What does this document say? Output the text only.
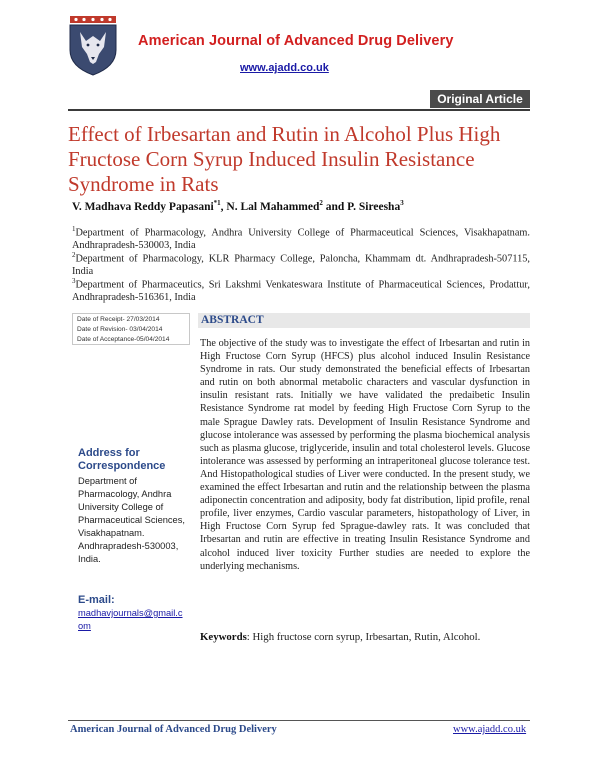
American Journal of Advanced Drug Delivery
www.ajadd.co.uk
Original Article
Effect of Irbesartan and Rutin in Alcohol Plus High Fructose Corn Syrup Induced Insulin Resistance Syndrome in Rats
V. Madhava Reddy Papasani$^{*1}$, N. Lal Mahammed$^2$ and P. Sireesha$^3$
$^1$Department of Pharmacology, Andhra University College of Pharmaceutical Sciences, Visakhapatnam. Andhrapradesh-530003, India
$^2$Department of Pharmacology, KLR Pharmacy College, Paloncha, Khammam dt. Andhrapradesh-507115, India
$^3$Department of Pharmaceutics, Sri Lakshmi Venkateswara Institute of Pharmaceutical Sciences, Prodattur, Andhrapradesh-516361, India
Date of Receipt- 27/03/2014
Date of Revision- 03/04/2014
Date of Acceptance-05/04/2014
Address for Correspondence
Department of Pharmacology, Andhra University College of Pharmaceutical Sciences, Visakhapatnam. Andhrapradesh-530003, India.
E-mail:
madhavjournals@gmail.com
ABSTRACT
The objective of the study was to investigate the effect of Irbesartan and rutin in High Fructose Corn Syrup (HFCS) plus alcohol induced Insulin Resistance Syndrome in rats. Our study demonstrated the beneficial effects of Irbesartan and rutin on both abnormal metabolic characters and vascular dysfunction in insulin resistant rats. Initially we have validated the predaibetic Insulin Resistance Syndrome rat model by feeding High Fructose Corn Syrup to the male Sprague Dawley rats. Development of Insulin Resistance Syndrome and glucose intolerance was assessed by performing the plasma biochemical analysis such as plasma glucose, triglyceride, insulin and total cholesterol levels. Glucose intolerance was assessed by performing an intraperitoneal glucose tolerance test. And Histopathological studies of Liver were conducted. In the present study, we examined the effect Irbesartan and rutin and the relationship between the plasma adiponectin concentration and adiposity, body fat distribution, lipid profile, renal profile, liver enzymes, Cardio vascular parameters, histopathology of Liver, in High Fructose Corn Syrup fed Sprague-dawley rats. It was concluded that Irbesartan and rutin are effective in treating Insulin Resistance Syndrome and alcohol induced liver toxicity Further studies are needed to explore the underlying mechanisms.
Keywords: High fructose corn syrup, Irbesartan, Rutin, Alcohol.
American Journal of Advanced Drug Delivery	www.ajadd.co.uk
